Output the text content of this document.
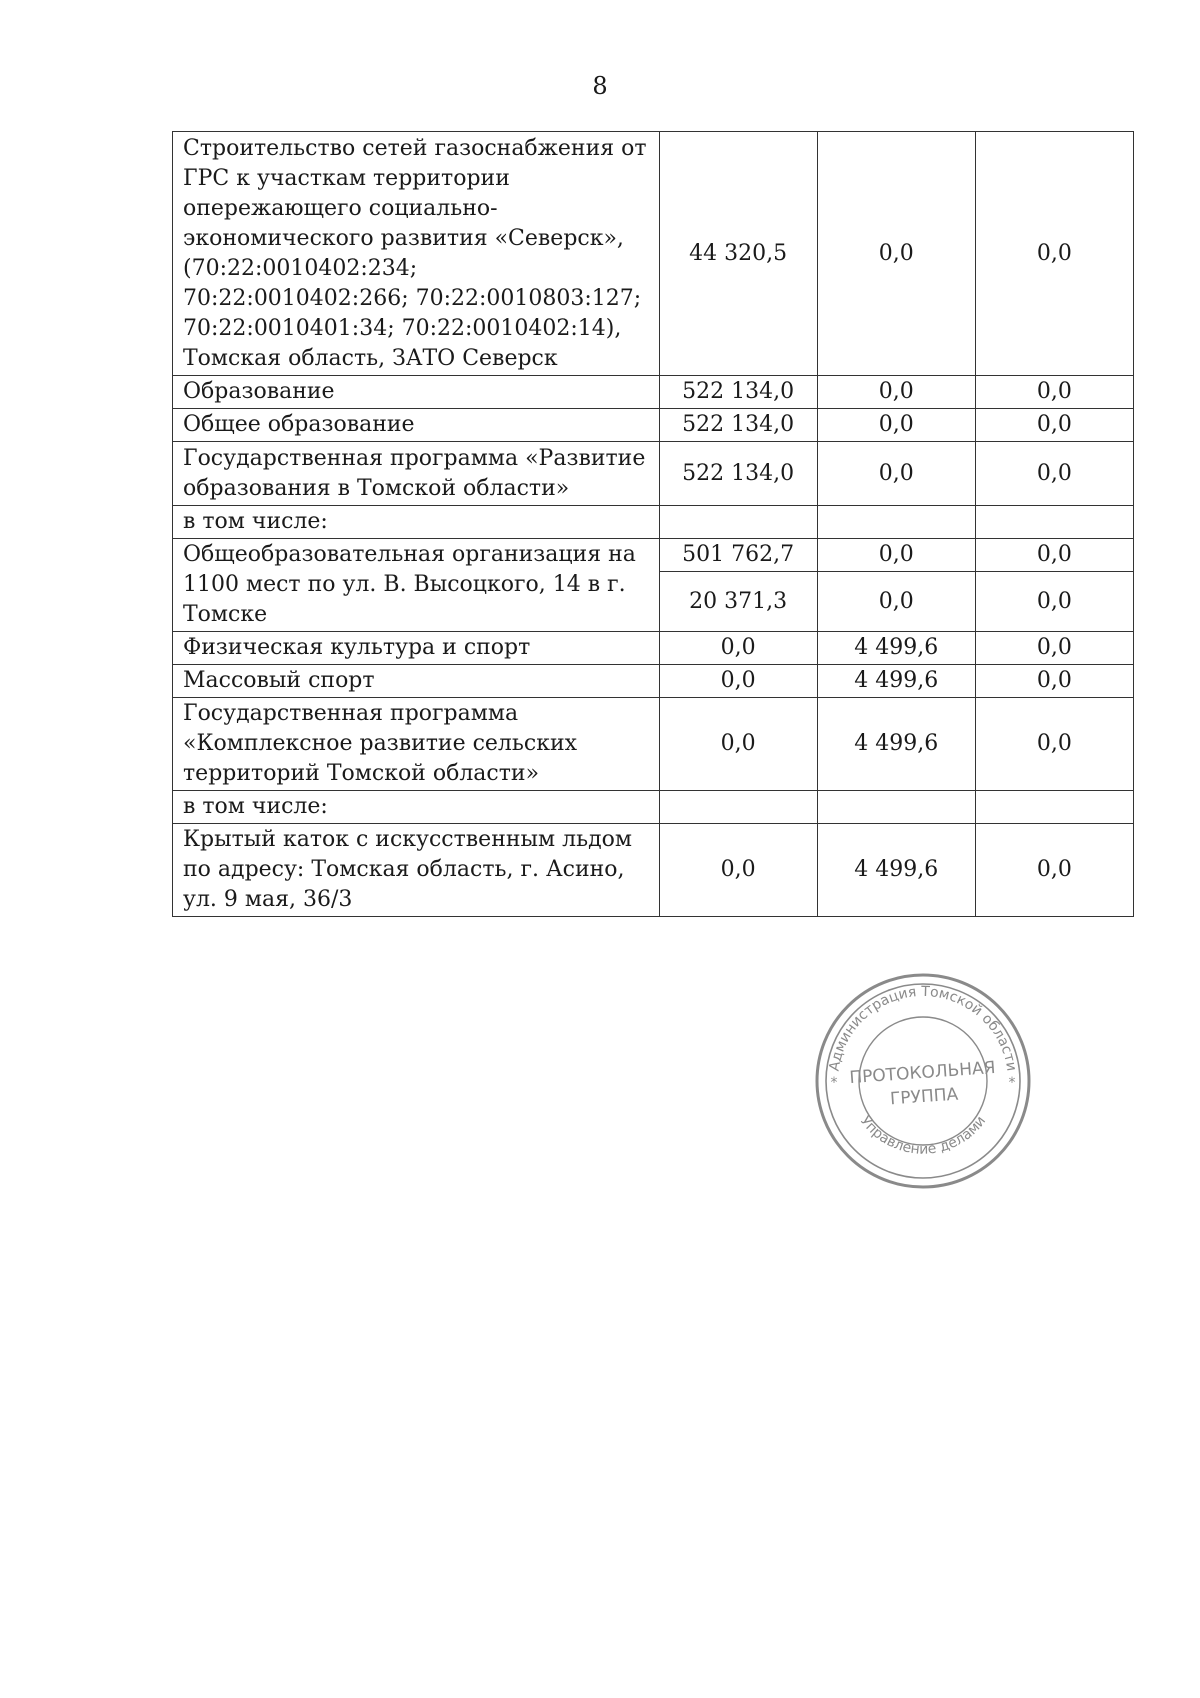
8
Строительство сетей газоснабжения от ГРС к участкам территории опережающего социально-экономического развития «Северск», (70:22:0010402:234; 70:22:0010402:266; 70:22:0010803:127; 70:22:0010401:34; 70:22:0010402:14), Томская область, ЗАТО Северск	44 320,5	0,0	0,0
Образование	522 134,0	0,0	0,0
Общее образование	522 134,0	0,0	0,0
Государственная программа «Развитие образования в Томской области»	522 134,0	0,0	0,0
в том числе:			
Общеобразовательная организация на 1100 мест по ул. В. Высоцкого, 14 в г. Томске	501 762,7	0,0	0,0
	20 371,3	0,0	0,0
Физическая культура и спорт	0,0	4 499,6	0,0
Массовый спорт	0,0	4 499,6	0,0
Государственная программа «Комплексное развитие сельских территорий Томской области»	0,0	4 499,6	0,0
в том числе:			
Крытый каток с искусственным льдом по адресу: Томская область, г. Асино, ул. 9 мая, 36/3	0,0	4 499,6	0,0
Администрация Томской области
Управление делами
*	*
ПРОТОКОЛЬНАЯ
ГРУППА
